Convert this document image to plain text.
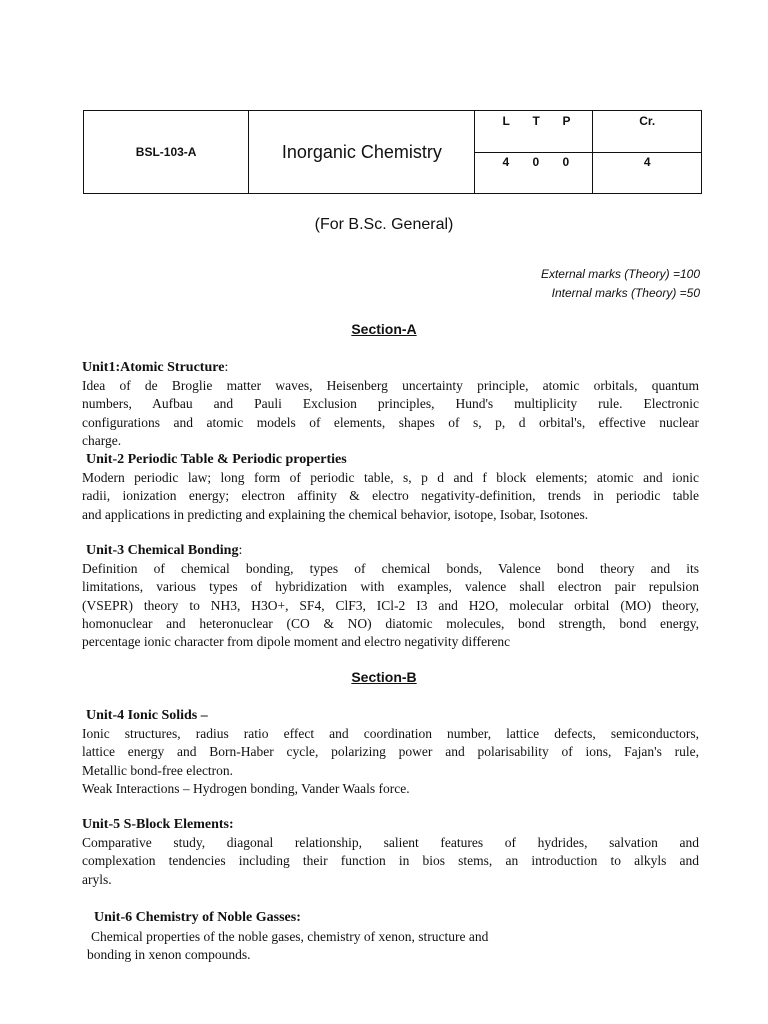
BSL-103-A	Inorganic Chemistry	L T P	Cr.

		4 0 0	4
(For B.Sc. General)
External marks (Theory) =100
Internal marks (Theory) =50
Section-A
Unit1:Atomic Structure:
Idea of de Broglie matter waves, Heisenberg uncertainty principle, atomic orbitals, quantum
numbers, Aufbau and Pauli Exclusion principles, Hund's multiplicity rule. Electronic
configurations and atomic models of elements, shapes of s, p, d orbital's, effective nuclear
charge.
Unit-2 Periodic Table & Periodic properties
Modern periodic law; long form of periodic table, s, p d and f block elements; atomic and ionic
radii, ionization energy; electron affinity & electro negativity-definition, trends in periodic table
and applications in predicting and explaining the chemical behavior, isotope, Isobar, Isotones.
Unit-3 Chemical Bonding:
Definition of chemical bonding, types of chemical bonds, Valence bond theory and its
limitations, various types of hybridization with examples, valence shall electron pair repulsion
(VSEPR) theory to NH3, H3O+, SF4, ClF3, ICl-2 I3 and H2O, molecular orbital (MO) theory,
homonuclear and heteronuclear (CO & NO) diatomic molecules, bond strength, bond energy,
percentage ionic character from dipole moment and electro negativity differenc
Section-B
Unit-4 Ionic Solids –
Ionic structures, radius ratio effect and coordination number, lattice defects, semiconductors,
lattice energy and Born-Haber cycle, polarizing power and polarisability of ions, Fajan's rule,
Metallic bond-free electron.
Weak Interactions – Hydrogen bonding, Vander Waals force.
Unit-5 S-Block Elements:
Comparative study, diagonal relationship, salient features of hydrides, salvation and
complexation tendencies including their function in bios stems, an introduction to alkyls and
aryls.
Unit-6 Chemistry of Noble Gasses:
Chemical properties of the noble gases, chemistry of xenon, structure and
bonding in xenon compounds.
